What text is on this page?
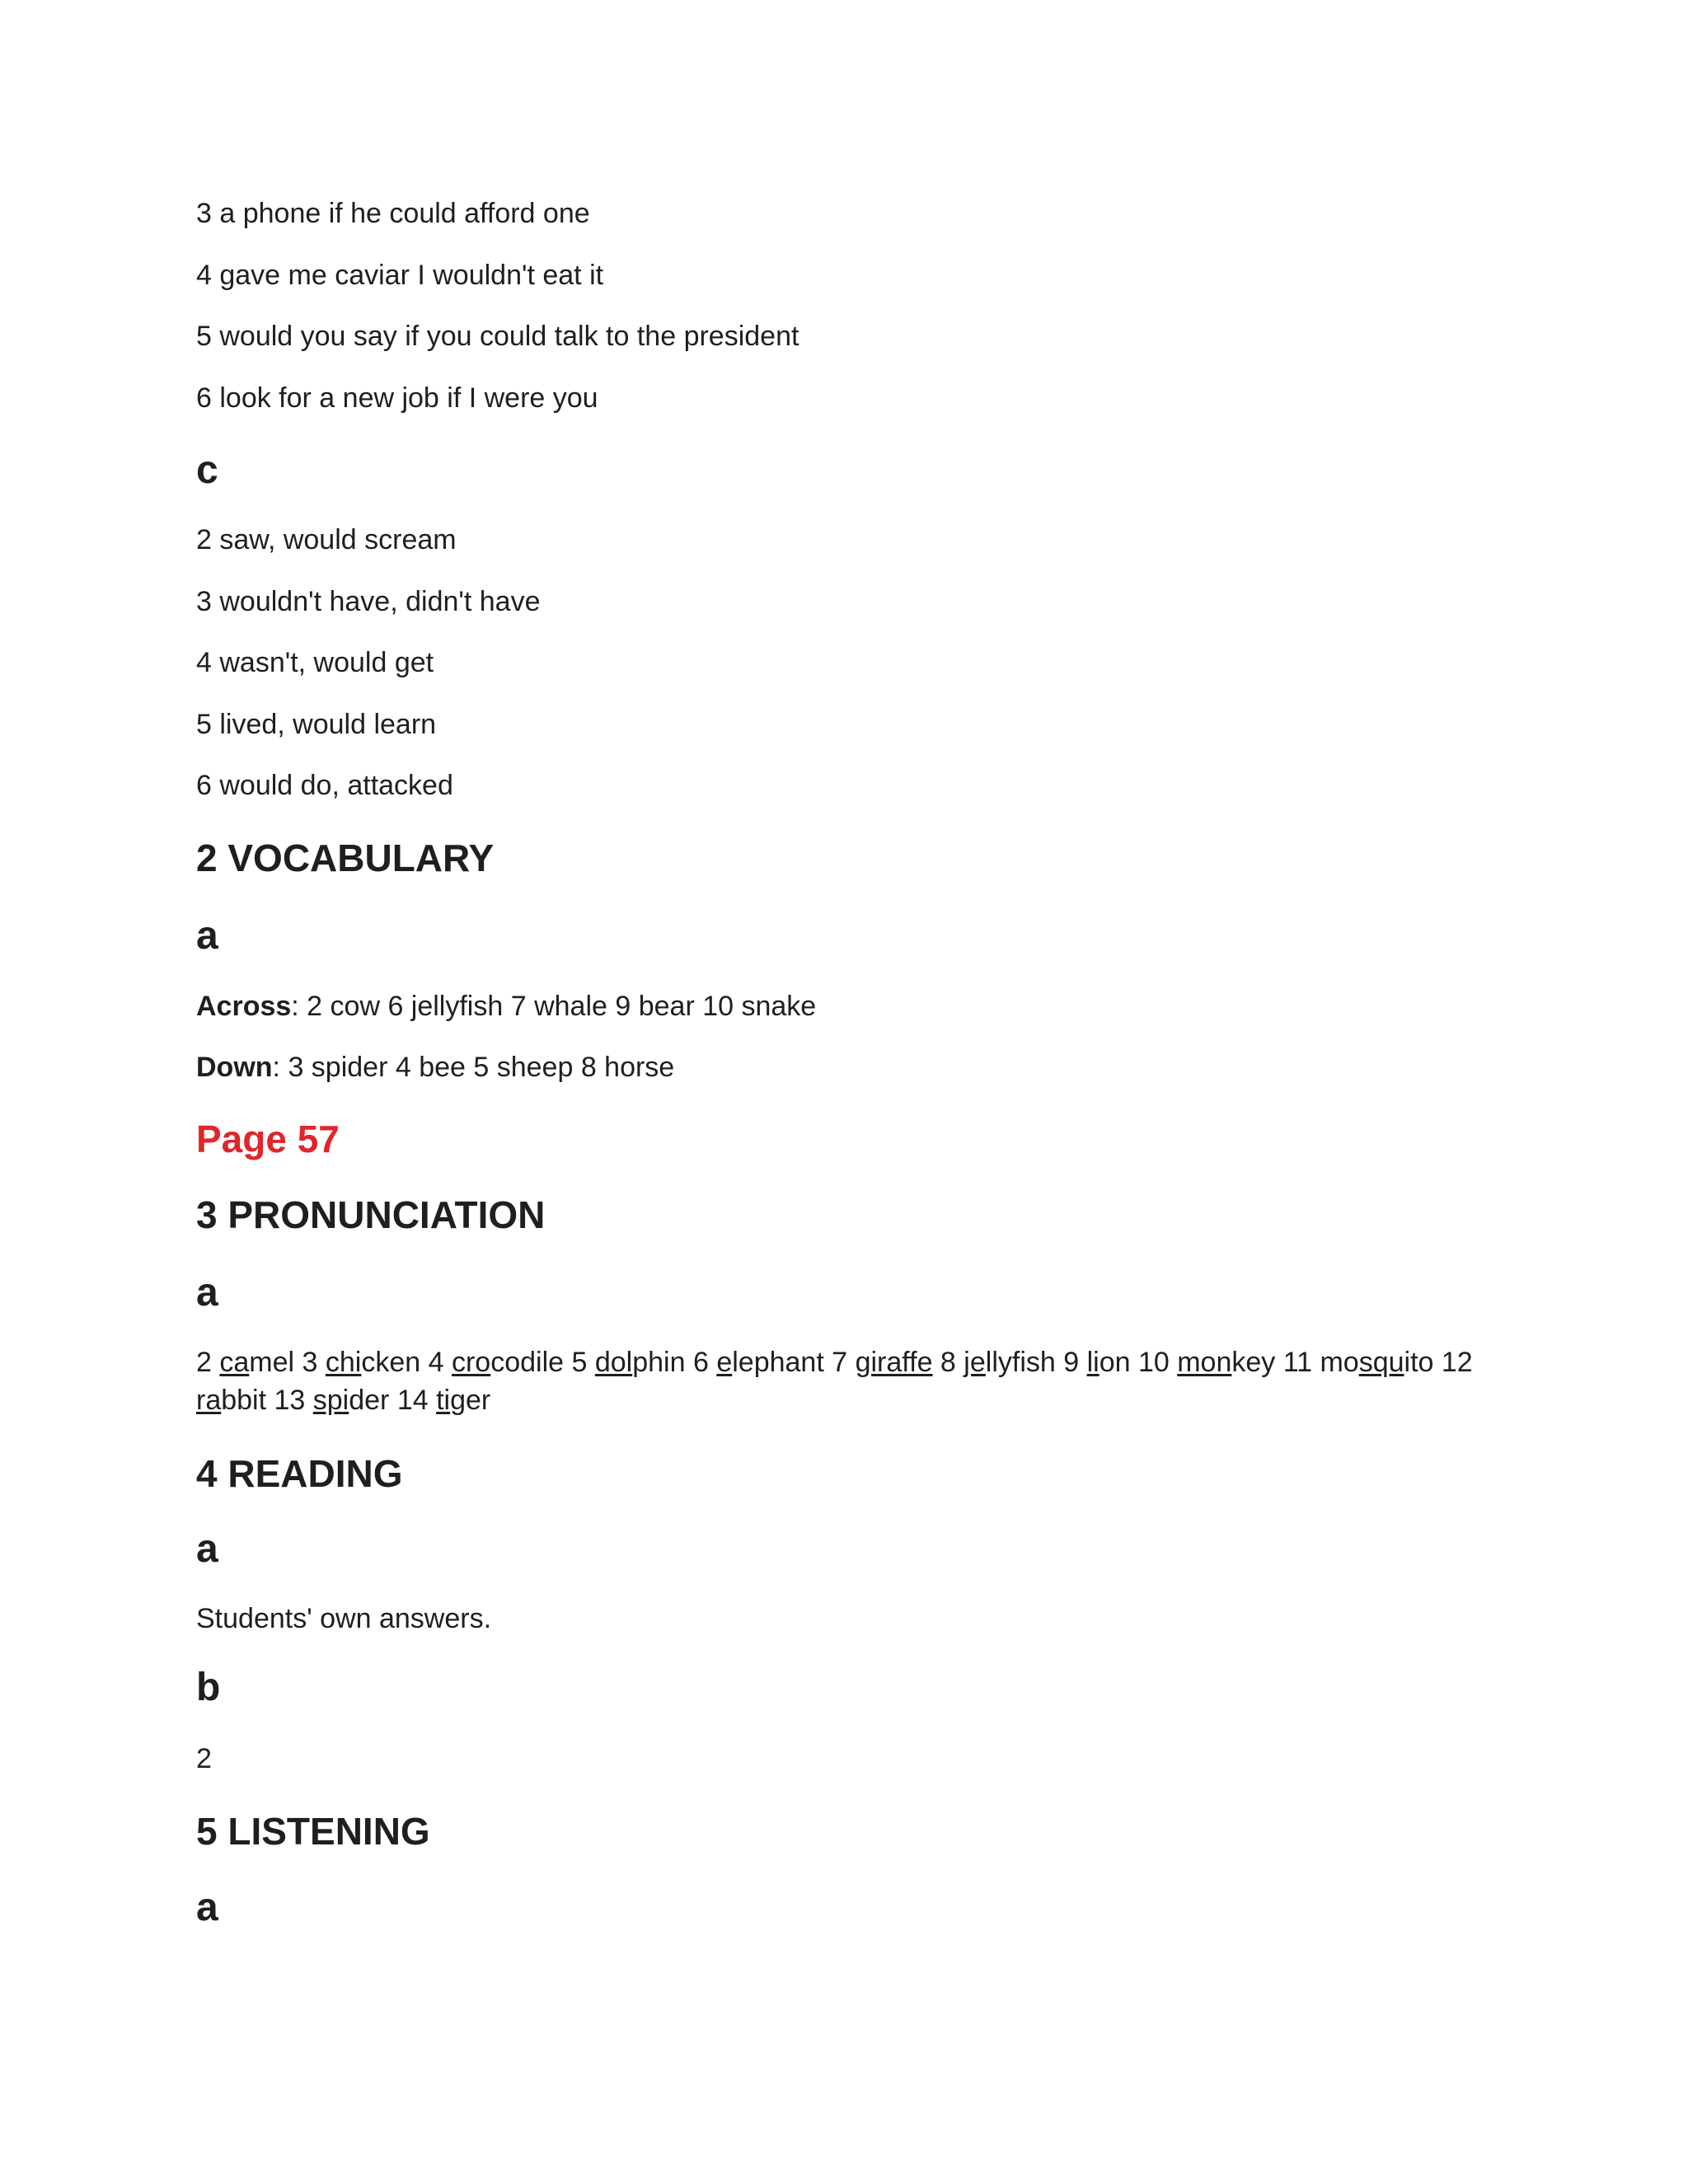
3 a phone if he could afford one
4 gave me caviar I wouldn't eat it
5 would you say if you could talk to the president
6 look for a new job if I were you
c
2 saw, would scream
3 wouldn't have, didn't have
4 wasn't, would get
5 lived, would learn
6 would do, attacked
2 VOCABULARY
a
Across: 2 cow 6 jellyfish 7 whale 9 bear 10 snake
Down: 3 spider 4 bee 5 sheep 8 horse
Page 57
3 PRONUNCIATION
a
2 camel 3 chicken 4 crocodile 5 dolphin 6 elephant 7 giraffe 8 jellyfish 9 lion 10 monkey 11 mosquito 12 rabbit 13 spider 14 tiger
4 READING
a
Students' own answers.
b
2
5 LISTENING
a
